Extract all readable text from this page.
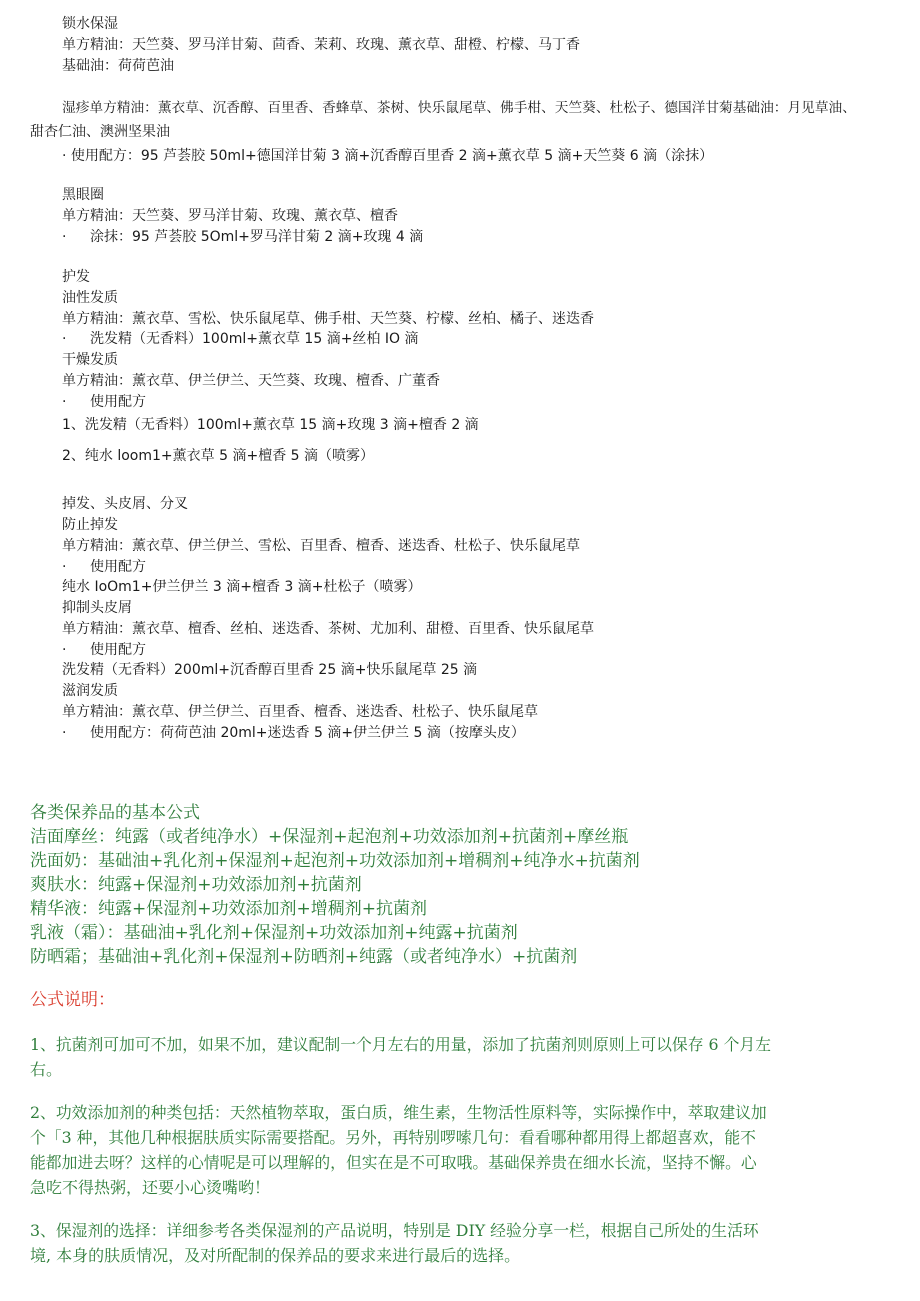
锁水保湿
单方精油：天竺葵、罗马洋甘菊、茴香、茉莉、玫瑰、薰衣草、甜橙、柠檬、马丁香
基础油：荷荷芭油
湿疹单方精油：薰衣草、沉香醇、百里香、香蜂草、茶树、快乐鼠尾草、佛手柑、天竺葵、杜松子、德国洋甘菊基础油：月见草油、
甜杏仁油、澳洲坚果油
· 使用配方：95 芦荟胶 50ml+德国洋甘菊 3 滴+沉香醇百里香 2 滴+薰衣草 5 滴+天竺葵 6 滴（涂抹）
黑眼圈
单方精油：天竺葵、罗马洋甘菊、玫瑰、薰衣草、檀香
· 涂抹：95 芦荟胶 5Oml+罗马洋甘菊 2 滴+玫瑰 4 滴
护发
油性发质
单方精油：薰衣草、雪松、快乐鼠尾草、佛手柑、天竺葵、柠檬、丝柏、橘子、迷迭香
· 洗发精（无香料）100ml+薰衣草 15 滴+丝柏 IO 滴
干燥发质
单方精油：薰衣草、伊兰伊兰、天竺葵、玫瑰、檀香、广董香
· 使用配方
1、洗发精（无香料）100ml+薰衣草 15 滴+玫瑰 3 滴+檀香 2 滴
2、纯水 loom1+薰衣草 5 滴+檀香 5 滴（喷雾）
掉发、头皮屑、分叉
防止掉发
单方精油：薰衣草、伊兰伊兰、雪松、百里香、檀香、迷迭香、杜松子、快乐鼠尾草
· 使用配方
纯水 IoOm1+伊兰伊兰 3 滴+檀香 3 滴+杜松子（喷雾）
抑制头皮屑
单方精油：薰衣草、檀香、丝柏、迷迭香、茶树、尤加利、甜橙、百里香、快乐鼠尾草
· 使用配方
洗发精（无香料）200ml+沉香醇百里香 25 滴+快乐鼠尾草 25 滴
滋润发质
单方精油：薰衣草、伊兰伊兰、百里香、檀香、迷迭香、杜松子、快乐鼠尾草
· 使用配方：荷荷芭油 20ml+迷迭香 5 滴+伊兰伊兰 5 滴（按摩头皮）
各类保养品的基本公式
洁面摩丝：纯露（或者纯净水）+保湿剂+起泡剂+功效添加剂+抗菌剂+摩丝瓶
洗面奶：基础油+乳化剂+保湿剂+起泡剂+功效添加剂+增稠剂+纯净水+抗菌剂
爽肤水：纯露+保湿剂+功效添加剂+抗菌剂
精华液：纯露+保湿剂+功效添加剂+增稠剂+抗菌剂
乳液（霜）：基础油+乳化剂+保湿剂+功效添加剂+纯露+抗菌剂
防晒霜；基础油+乳化剂+保湿剂+防晒剂+纯露（或者纯净水）+抗菌剂
公式说明：
1、抗菌剂可加可不加，如果不加，建议配制一个月左右的用量，添加了抗菌剂则原则上可以保存 6 个月左
右。
2、功效添加剂的种类包括：天然植物萃取，蛋白质，维生素，生物活性原料等，实际操作中，萃取建议加
个「3 种，其他几种根据肤质实际需要搭配。另外，再特别啰嗦几句：看看哪种都用得上都超喜欢，能不
能都加进去呀？这样的心情呢是可以理解的，但实在是不可取哦。基础保养贵在细水长流，坚持不懈。心
急吃不得热粥，还要小心烫嘴哟！
3、保湿剂的选择：详细参考各类保湿剂的产品说明，特别是 DIY 经验分享一栏，根据自己所处的生活环
境, 本身的肤质情况，及对所配制的保养品的要求来进行最后的选择。
